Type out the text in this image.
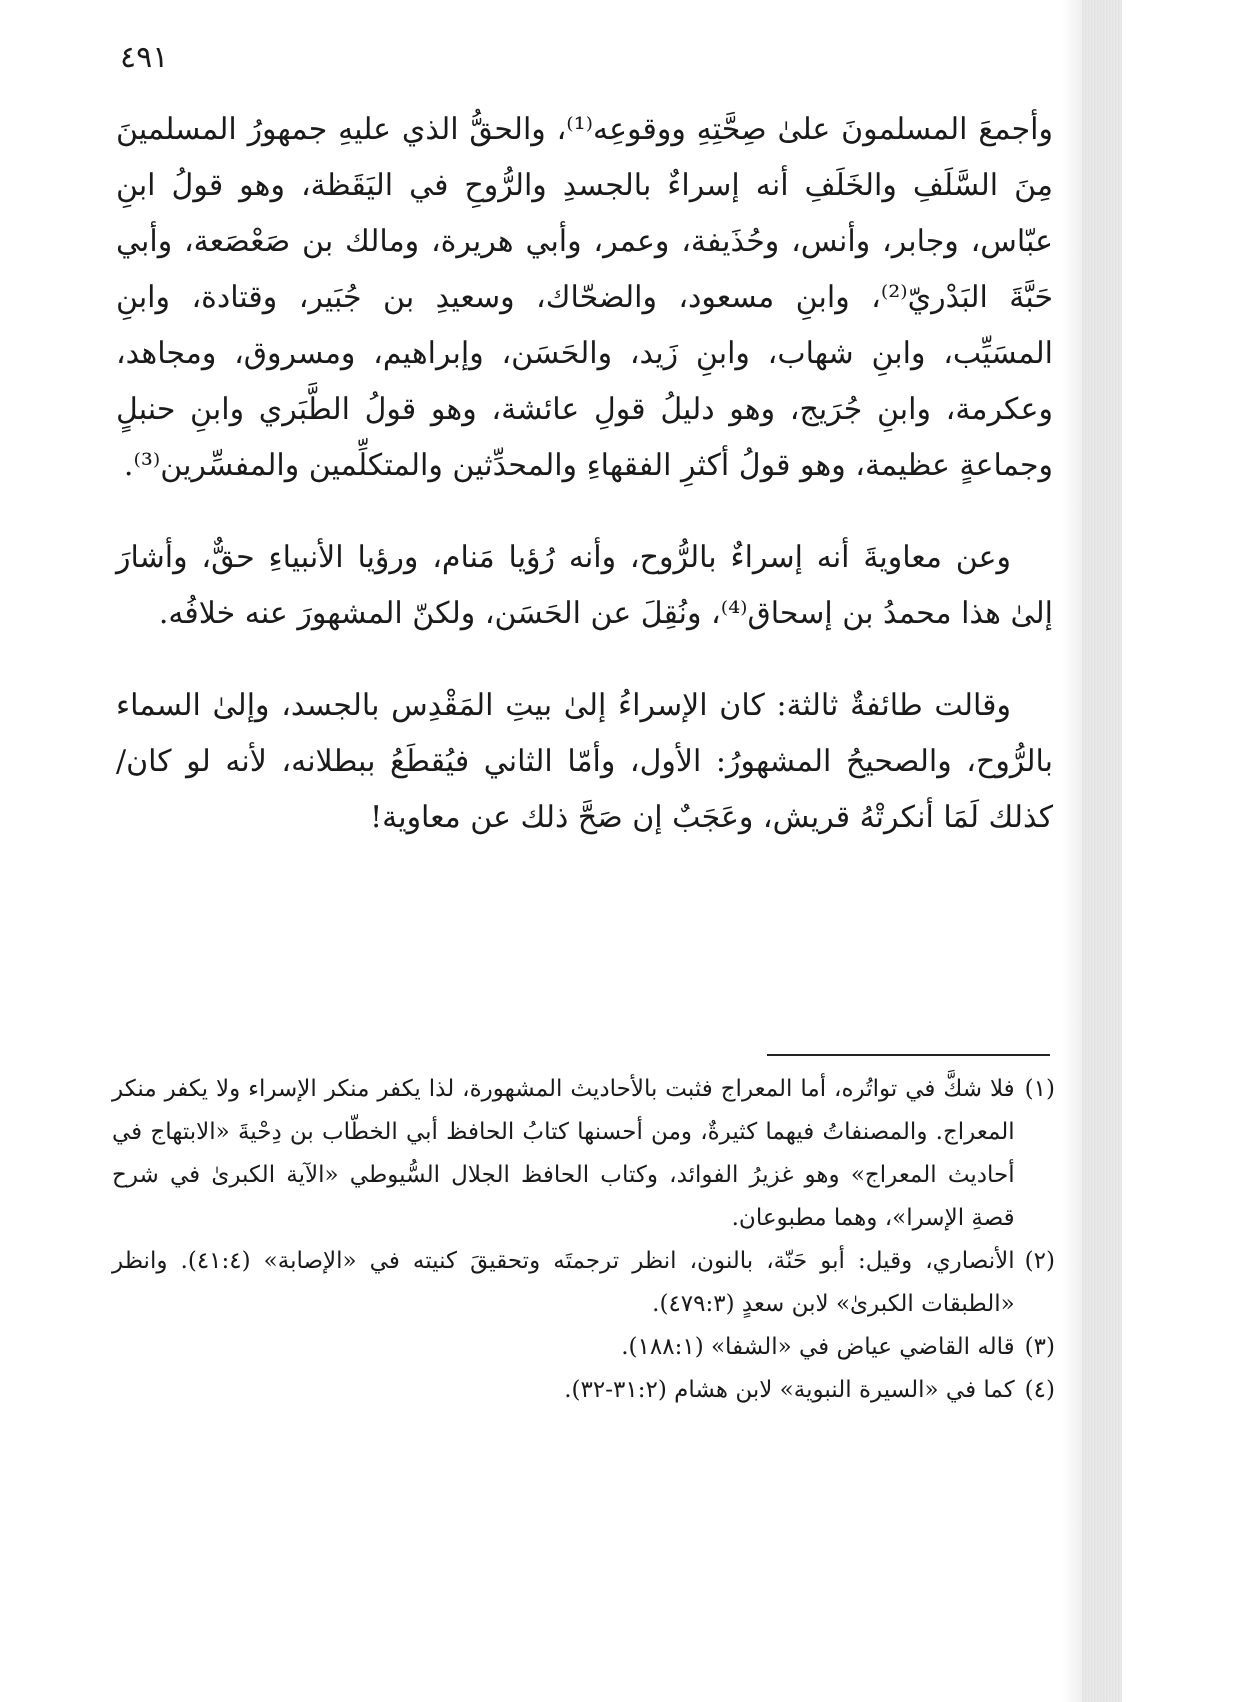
٤٩١

وأجمعَ المسلمونَ علىٰ صِحَّتِهِ ووقوعِه⁽¹⁾، والحقُّ الذي عليهِ جمهورُ المسلمينَ مِنَ السَّلَفِ والخَلَفِ أنه إسراءٌ بالجسدِ والرُّوحِ في اليَقَظة، وهو قولُ ابنِ عبّاس، وجابر، وأنس، وحُذَيفة، وعمر، وأبي هريرة، ومالك بن صَعْصَعة، وأبي حَبَّةَ البَدْريّ⁽²⁾، وابنِ مسعود، والضحّاك، وسعيدِ بن جُبَير، وقتادة، وابنِ المسَيِّب، وابنِ شهاب، وابنِ زَيد، والحَسَن، وإبراهيم، ومسروق، ومجاهد، وعكرمة، وابنِ جُرَيج، وهو دليلُ قولِ عائشة، وهو قولُ الطَّبَري وابنِ حنبلٍ وجماعةٍ عظيمة، وهو قولُ أكثرِ الفقهاءِ والمحدِّثين والمتكلِّمين والمفسِّرين⁽³⁾.

وعن معاويةَ أنه إسراءٌ بالرُّوح، وأنه رُؤيا مَنام، ورؤيا الأنبياءِ حقٌّ، وأشارَ إلىٰ هذا محمدُ بن إسحاق⁽⁴⁾، ونُقِلَ عن الحَسَن، ولكنّ المشهورَ عنه خلافُه.

وقالت طائفةٌ ثالثة: كان الإسراءُ إلىٰ بيتِ المَقْدِس بالجسد، وإلىٰ السماء بالرُّوح، والصحيحُ المشهورُ: الأول، وأمّا الثاني فيُقطَعُ ببطلانه، لأنه لو كان/ كذلك لَمَا أنكرتْهُ قريش، وعَجَبٌ إن صَحَّ ذلك عن معاوية!

(١)
فلا شكَّ في تواتُره، أما المعراج فثبت بالأحاديث المشهورة، لذا يكفر منكر الإسراء ولا يكفر منكر المعراج. والمصنفاتُ فيهما كثيرةٌ، ومن أحسنها كتابُ الحافظ أبي الخطّاب بن دِحْيةَ «الابتهاج في أحاديث المعراج» وهو غزيرُ الفوائد، وكتاب الحافظ الجلال السُّيوطي «الآية الكبرىٰ في شرح قصةِ الإسرا»، وهما مطبوعان.
(٢)
الأنصاري، وقيل: أبو حَنّة، بالنون، انظر ترجمتَه وتحقيقَ كنيته في «الإصابة» (٤١:٤). وانظر «الطبقات الكبرىٰ» لابن سعدٍ (٤٧٩:٣).
(٣)
قاله القاضي عياض في «الشفا» (١٨٨:١).
(٤)
كما في «السيرة النبوية» لابن هشام (٣١:٢-٣٢).
